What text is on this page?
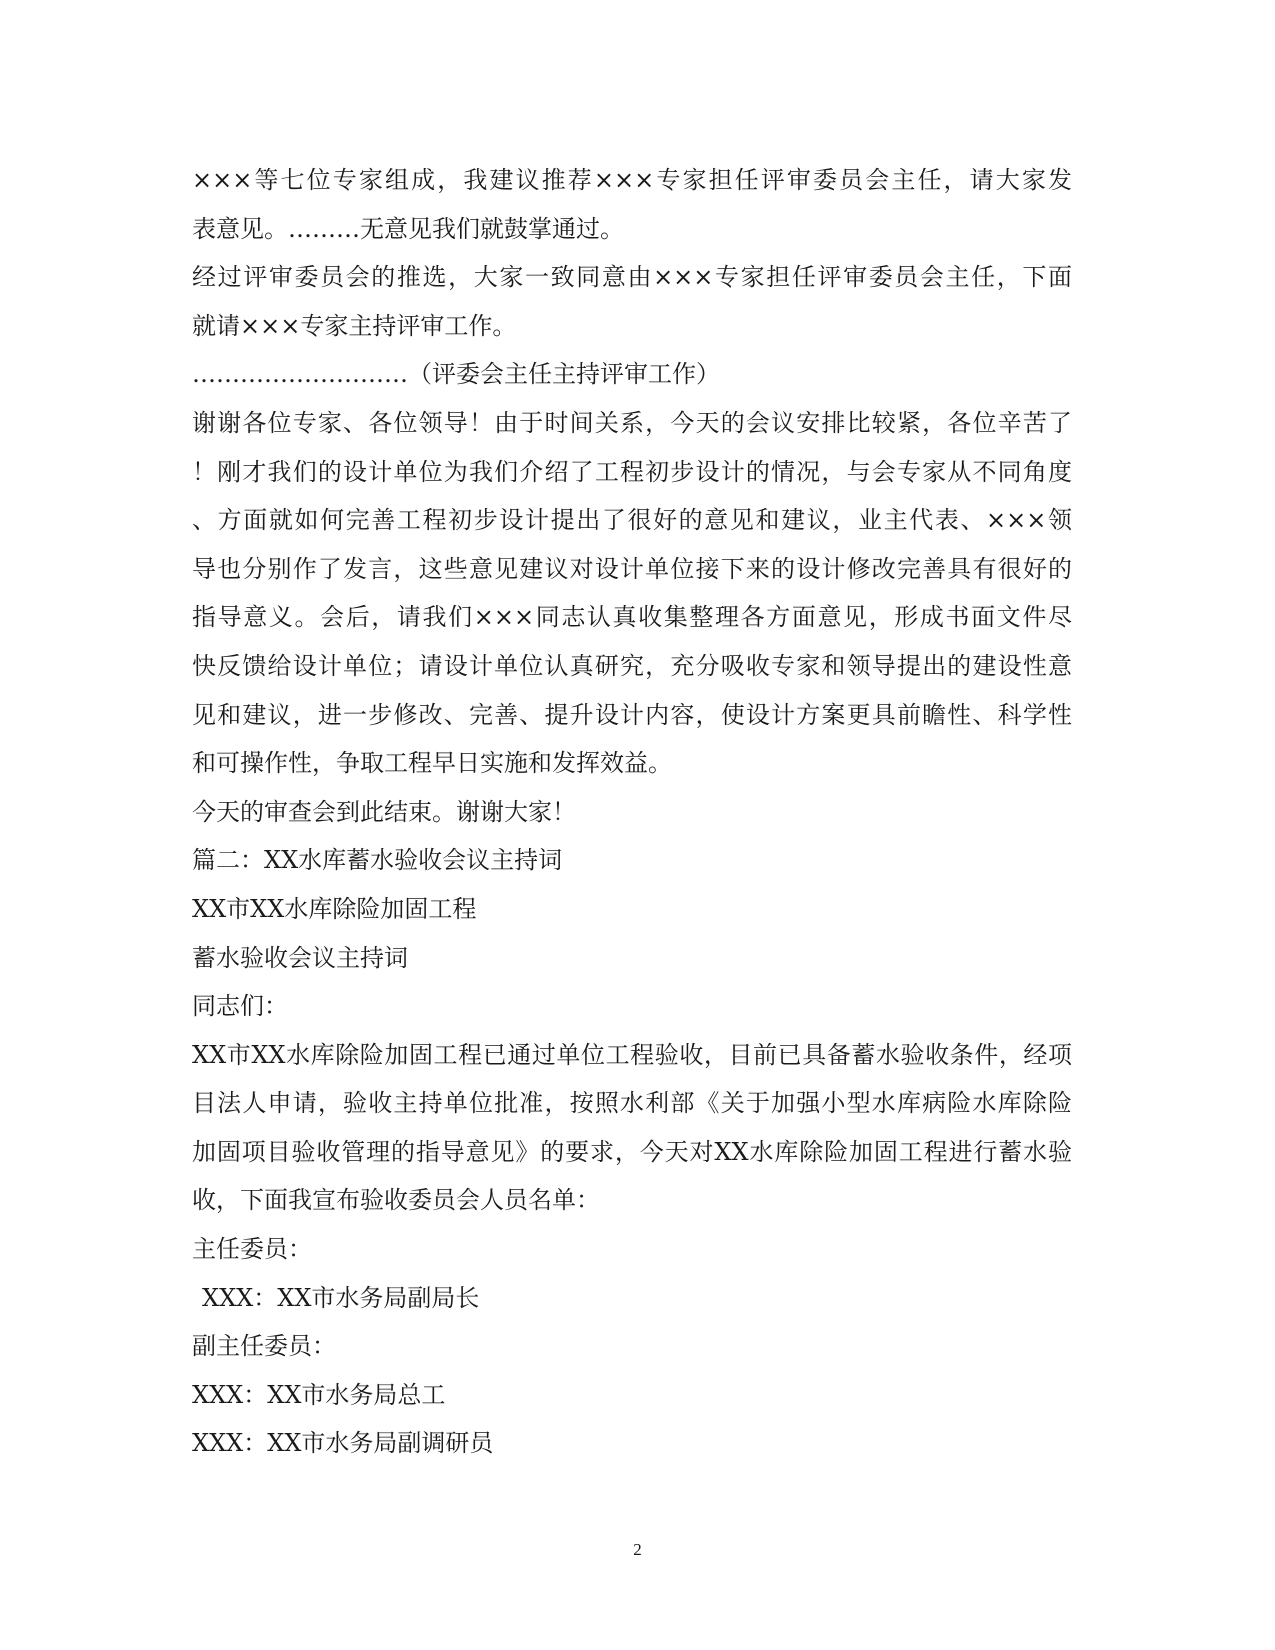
×××等七位专家组成，我建议推荐×××专家担任评审委员会主任，请大家发
表意见。………无意见我们就鼓掌通过。
经过评审委员会的推选，大家一致同意由×××专家担任评审委员会主任，下面
就请×××专家主持评审工作。
………………………（评委会主任主持评审工作）
谢谢各位专家、各位领导！由于时间关系，今天的会议安排比较紧，各位辛苦了
！刚才我们的设计单位为我们介绍了工程初步设计的情况，与会专家从不同角度
、方面就如何完善工程初步设计提出了很好的意见和建议，业主代表、×××领
导也分别作了发言，这些意见建议对设计单位接下来的设计修改完善具有很好的
指导意义。会后，请我们×××同志认真收集整理各方面意见，形成书面文件尽
快反馈给设计单位；请设计单位认真研究，充分吸收专家和领导提出的建设性意
见和建议，进一步修改、完善、提升设计内容，使设计方案更具前瞻性、科学性
和可操作性，争取工程早日实施和发挥效益。
今天的审查会到此结束。谢谢大家！
篇二：XX水库蓄水验收会议主持词
XX市XX水库除险加固工程
蓄水验收会议主持词
同志们：
XX市XX水库除险加固工程已通过单位工程验收，目前已具备蓄水验收条件，经项
目法人申请，验收主持单位批准，按照水利部《关于加强小型水库病险水库除险
加固项目验收管理的指导意见》的要求，今天对XX水库除险加固工程进行蓄水验
收，下面我宣布验收委员会人员名单：
主任委员：
XXX：XX市水务局副局长
副主任委员：
XXX：XX市水务局总工
XXX：XX市水务局副调研员
2
